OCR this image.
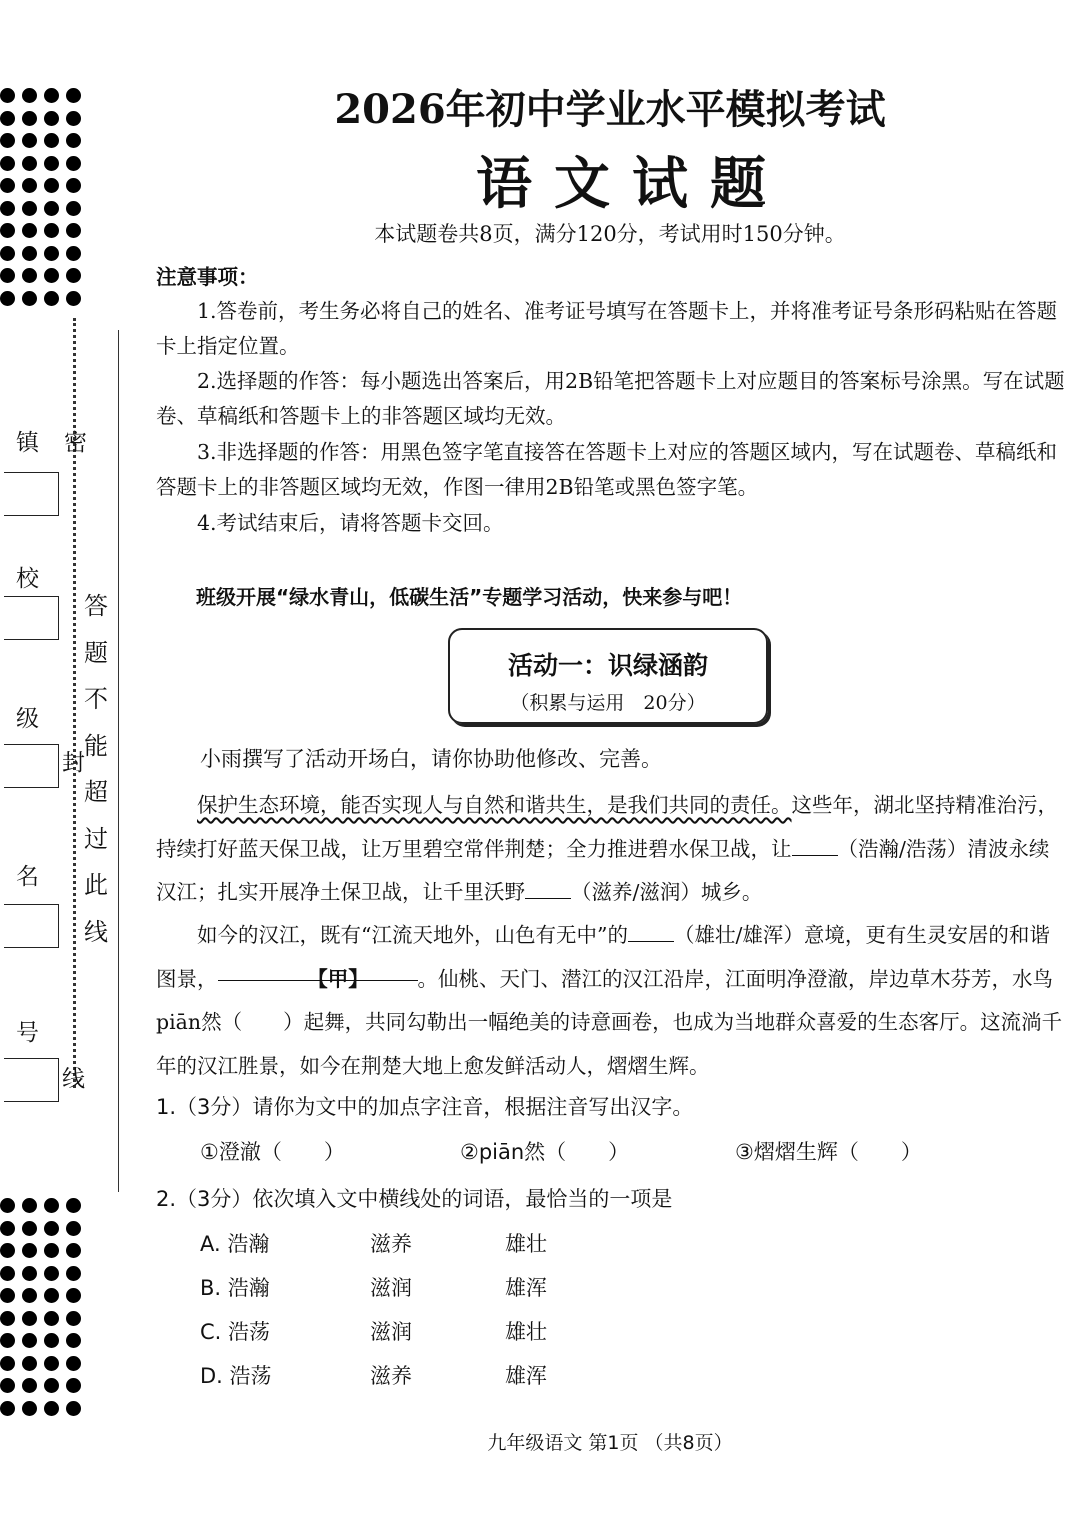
镇 密
校
级
封
名
号
线
答
题
不
能
超
过
此
线
2026年初中学业水平模拟考试
语文试题
本试题卷共8页，满分120分，考试用时150分钟。
注意事项：
1.答卷前，考生务必将自己的姓名、准考证号填写在答题卡上，并将准考证号条形码粘贴在答题卡上指定位置。
2.选择题的作答：每小题选出答案后，用2B铅笔把答题卡上对应题目的答案标号涂黑。写在试题卷、草稿纸和答题卡上的非答题区域均无效。
3.非选择题的作答：用黑色签字笔直接答在答题卡上对应的答题区域内，写在试题卷、草稿纸和答题卡上的非答题区域均无效，作图一律用2B铅笔或黑色签字笔。
4.考试结束后，请将答题卡交回。
班级开展“绿水青山，低碳生活”专题学习活动，快来参与吧！
活动一：识绿涵韵
（积累与运用　20分）
小雨撰写了活动开场白，请你协助他修改、完善。
保护生态环境，能否实现人与自然和谐共生，是我们共同的责任。这些年，湖北坚持精准治污，持续打好蓝天保卫战，让万里碧空常伴荆楚；全力推进碧水保卫战，让 （浩瀚/浩荡）清波永续汉江；扎实开展净土保卫战，让千里沃野 （滋养/滋润）城乡。
如今的汉江，既有“江流天地外，山色有无中”的 （雄壮/雄浑）意境，更有生灵安居的和谐图景，	【甲】 。仙桃、天门、潜江的汉江沿岸，江面明净澄澈，岸边草木芬芳，水鸟piān然（　　）起舞，共同勾勒出一幅绝美的诗意画卷，也成为当地群众喜爱的生态客厅。这流淌千年的汉江胜景，如今在荆楚大地上愈发鲜活动人，熠熠生辉。
1.（3分）请你为文中的加点字注音，根据注音写出汉字。
①澄澈（　　）	②piān然（　　）	③熠熠生辉（　　）
2.（3分）依次填入文中横线处的词语，最恰当的一项是
A. 浩瀚	滋养	雄壮
B. 浩瀚	滋润	雄浑
C. 浩荡	滋润	雄壮
D. 浩荡	滋养	雄浑
九年级语文 第1页 （共8页）
